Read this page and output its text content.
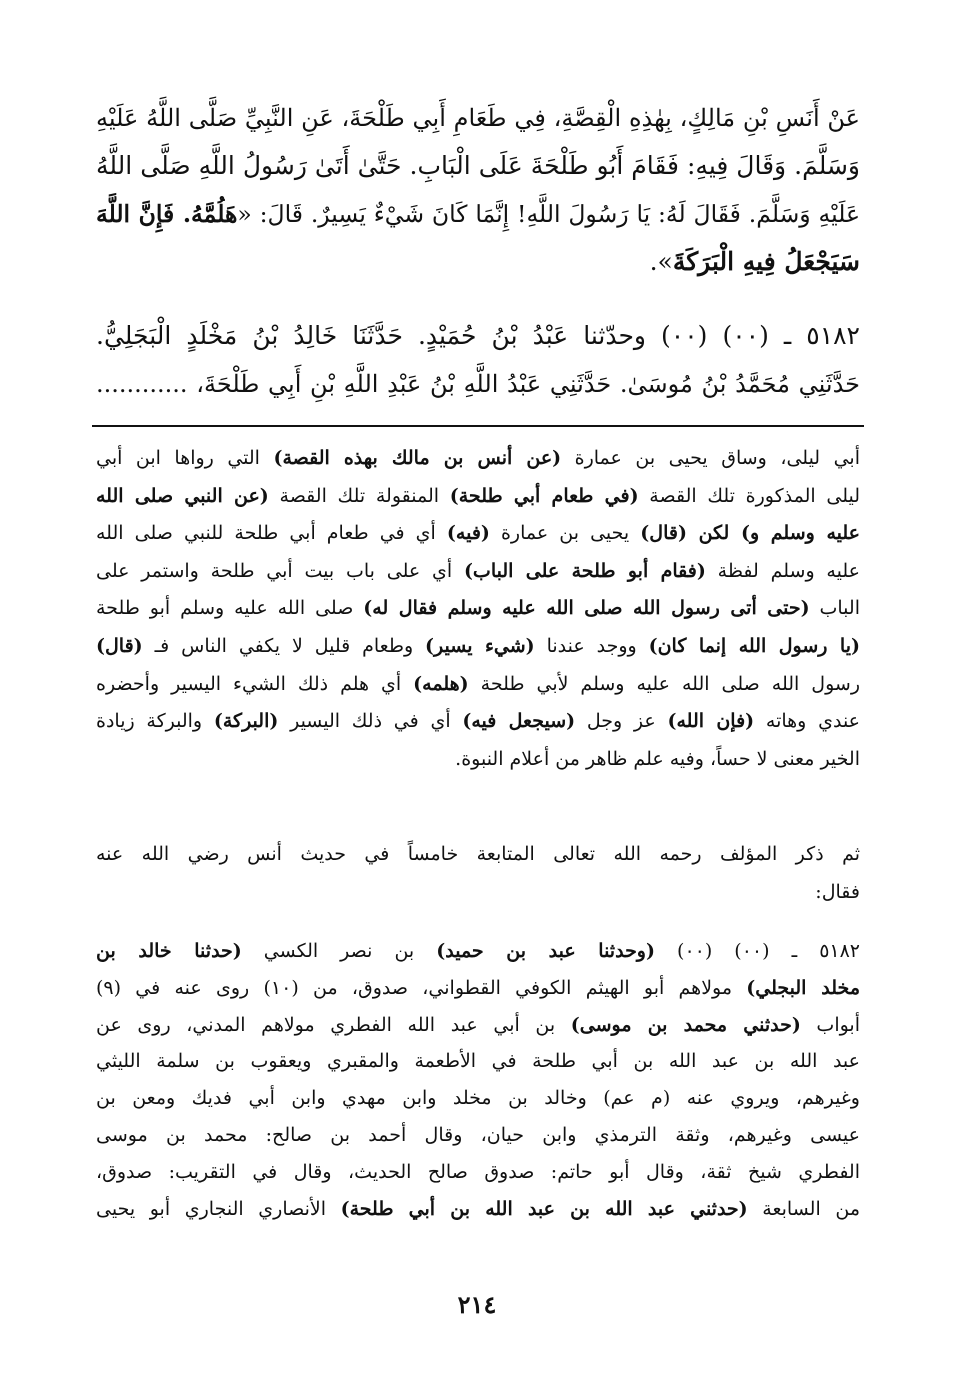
عَنْ أَنَسِ بْنِ مَالِكٍ، بِهٰذِهِ الْقِصَّةِ، فِي طَعَامِ أَبِي طَلْحَةَ، عَنِ النَّبِيِّ صَلَّى اللَّهُ عَلَيْهِ
وَسَلَّمَ. وَقَالَ فِيهِ: فَقَامَ أَبُو طَلْحَةَ عَلَى الْبَابِ. حَتَّىٰ أَتَىٰ رَسُولُ اللَّهِ صَلَّى اللَّهُ
عَلَيْهِ وَسَلَّمَ. فَقَالَ لَهُ: يَا رَسُولَ اللَّهِ! إِنَّمَا كَانَ شَيْءٌ يَسِيرٌ. قَالَ: «هَلُمَّهُ. فَإِنَّ اللَّهَ
سَيَجْعَلُ فِيهِ الْبَرَكَةَ».
٥١٨٢ ـ (٠٠) (٠٠) وحدّثنا عَبْدُ بْنُ حُمَيْدٍ. حَدَّثَنَا خَالِدُ بْنُ مَخْلَدٍ الْبَجَلِيُّ.
حَدَّثَنِي مُحَمَّدُ بْنُ مُوسَىٰ. حَدَّثَنِي عَبْدُ اللَّهِ بْنُ عَبْدِ اللَّهِ بْنِ أَبِي طَلْحَةَ، ............
أبي ليلى، وساق يحيى بن عمارة (عن أنس بن مالك بهذه القصة) التي رواها ابن أبي
ليلى المذكورة تلك القصة (في طعام أبي طلحة) المنقولة تلك القصة (عن النبي صلى الله
عليه وسلم و) لكن (قال) يحيى بن عمارة (فيه) أي في طعام أبي طلحة للنبي صلى الله
عليه وسلم لفظة (فقام أبو طلحة على الباب) أي على باب بيت أبي طلحة واستمر على
الباب (حتى أتى رسول الله صلى الله عليه وسلم فقال له) صلى الله عليه وسلم أبو طلحة
(يا رسول الله إنما كان) ووجد عندنا (شيء يسير) وطعام قليل لا يكفي الناس فـ (قال)
رسول الله صلى الله عليه وسلم لأبي طلحة (هلمه) أي هلم ذلك الشيء اليسير وأحضره
عندي وهاته (فإن الله) عز وجل (سيجعل فيه) أي في ذلك اليسير (البركة) والبركة زيادة
الخير معنى لا حساً، وفيه علم ظاهر من أعلام النبوة.
ثم ذكر المؤلف رحمه الله تعالى المتابعة خامساً في حديث أنس رضي الله عنه
فقال:
٥١٨٢ ـ (٠٠) (٠٠) (وحدثنا عبد بن حميد) بن نصر الكسي (حدثنا خالد بن
مخلد البجلي) مولاهم أبو الهيثم الكوفي القطواني، صدوق، من (١٠) روى عنه في (٩)
أبواب (حدثني محمد بن موسى) بن أبي عبد الله الفطري مولاهم المدني، روى عن
عبد الله بن عبد الله بن أبي طلحة في الأطعمة والمقبري ويعقوب بن سلمة الليثي
وغيرهم، ويروي عنه (م عم) وخالد بن مخلد وابن مهدي وابن أبي فديك ومعن بن
عيسى وغيرهم، وثقة الترمذي وابن حيان، وقال أحمد بن صالح: محمد بن موسى
الفطري شيخ ثقة، وقال أبو حاتم: صدوق صالح الحديث، وقال في التقريب: صدوق،
من السابعة (حدثني عبد الله بن عبد الله بن أبي طلحة) الأنصاري النجاري أبو يحيى
٢١٤
